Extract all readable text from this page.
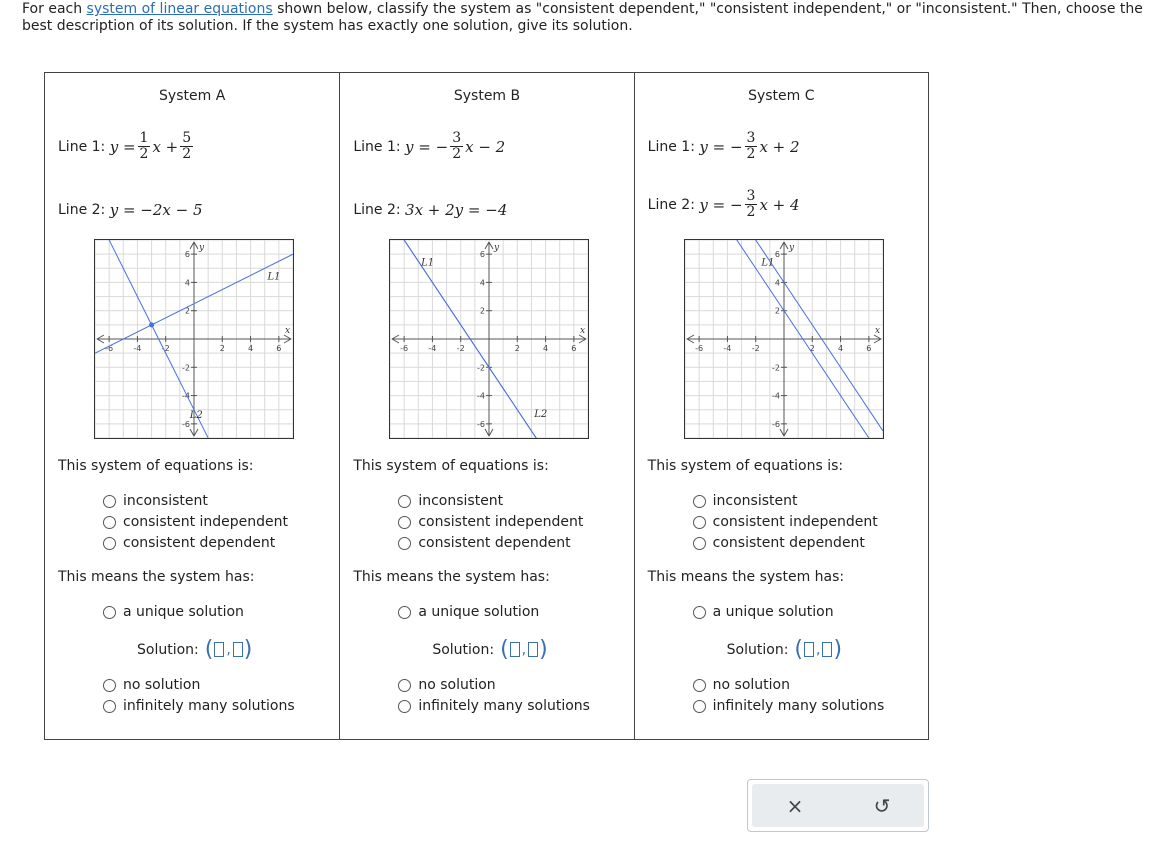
For each system of linear equations shown below, classify the system as "consistent dependent," "consistent independent," or "inconsistent." Then, choose the best description of its solution. If the system has exactly one solution, give its solution.
System A
Line 1:
$y = \frac{1}{2}$ $x + \frac{5}{2}$
Line 2:
y = −2x − 5
-6
-6
-4
-4
-2
-2
2
2
4
4
6
6
x
y
L1
L2
This system of equations is:
inconsistent
consistent independent
consistent dependent
This means the system has:
a unique solution
Solution: ( , )
no solution
infinitely many solutions
System B
Line 1:
y = − $\frac{3}{2}$ x − 2
Line 2:
3x + 2y = −4
-6
-6
-4
-4
-2
-2
2
2
4
4
6
6
x
y
L1
L2
This system of equations is:
inconsistent
consistent independent
consistent dependent
This means the system has:
a unique solution
Solution: ( , )
no solution
infinitely many solutions
System C
Line 1:
y = − $\frac{3}{2}$ x + 2
Line 2:
y = − $\frac{3}{2}$ x + 4
-6
-6
-4
-4
-2
-2
2
2
4
4
6
6
x
y
L1
This system of equations is:
inconsistent
consistent independent
consistent dependent
This means the system has:
a unique solution
Solution: ( , )
no solution
infinitely many solutions
×	↺
